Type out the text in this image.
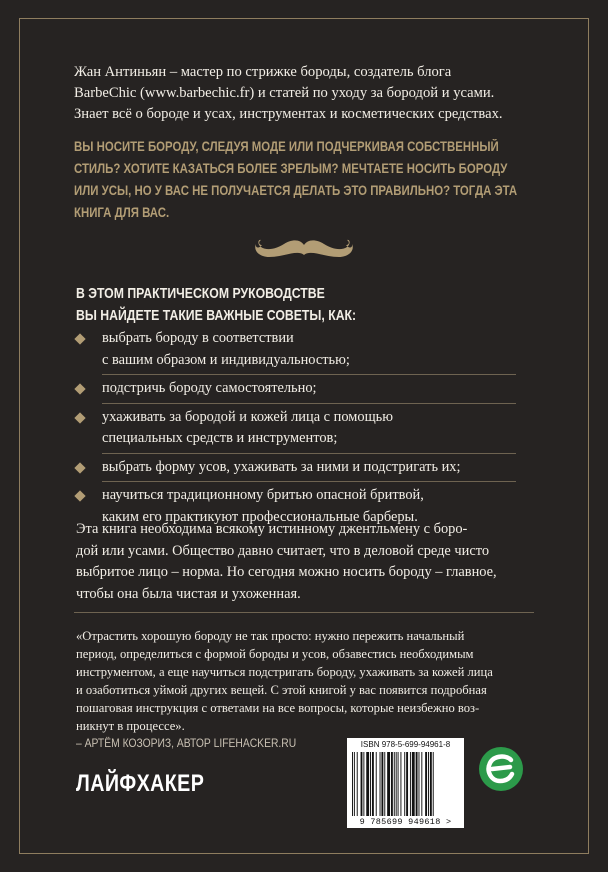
Жан Антиньян – мастер по стрижке бороды, создатель блога

BarbeChic (www.barbechic.fr) и статей по уходу за бородой и усами.

Знает всё о бороде и усах, инструментах и косметических средствах.

ВЫ НОСИТЕ БОРОДУ, СЛЕДУЯ МОДЕ ИЛИ ПОДЧЕРКИВАЯ СОБСТВЕННЫЙ

СТИЛЬ? ХОТИТЕ КАЗАТЬСЯ БОЛЕЕ ЗРЕЛЫМ? МЕЧТАЕТЕ НОСИТЬ БОРОДУ

ИЛИ УСЫ, НО У ВАС НЕ ПОЛУЧАЕТСЯ ДЕЛАТЬ ЭТО ПРАВИЛЬНО? ТОГДА ЭТА

КНИГА ДЛЯ ВАС.

В ЭТОМ ПРАКТИЧЕСКОМ РУКОВОДСТВЕ

ВЫ НАЙДЕТЕ ТАКИЕ ВАЖНЫЕ СОВЕТЫ, КАК:

выбрать бороду в соответствии

с вашим образом и индивидуальностью;

подстричь бороду самостоятельно;

ухаживать за бородой и кожей лица с помощью

специальных средств и инструментов;

выбрать форму усов, ухаживать за ними и подстригать их;

научиться традиционному бритью опасной бритвой,

каким его практикуют профессиональные барберы.

Эта книга необходима всякому истинному джентльмену с боро-

дой или усами. Общество давно считает, что в деловой среде чисто

выбритое лицо – норма. Но сегодня можно носить бороду – главное,

чтобы она была чистая и ухоженная.

«Отрастить хорошую бороду не так просто: нужно пережить начальный

период, определиться с формой бороды и усов, обзавестись необходимым

инструментом, а еще научиться подстригать бороду, ухаживать за кожей лица

и озаботиться уймой других вещей. С этой книгой у вас появится подробная

пошаговая инструкция с ответами на все вопросы, которые неизбежно воз-

никнут в процессе».

– АРТЁМ КОЗОРИЗ, АВТОР LIFEHACKER.RU
ЛАЙФХАКЕР
ISBN 978-5-699-94961-8
9 785699 949618 >
